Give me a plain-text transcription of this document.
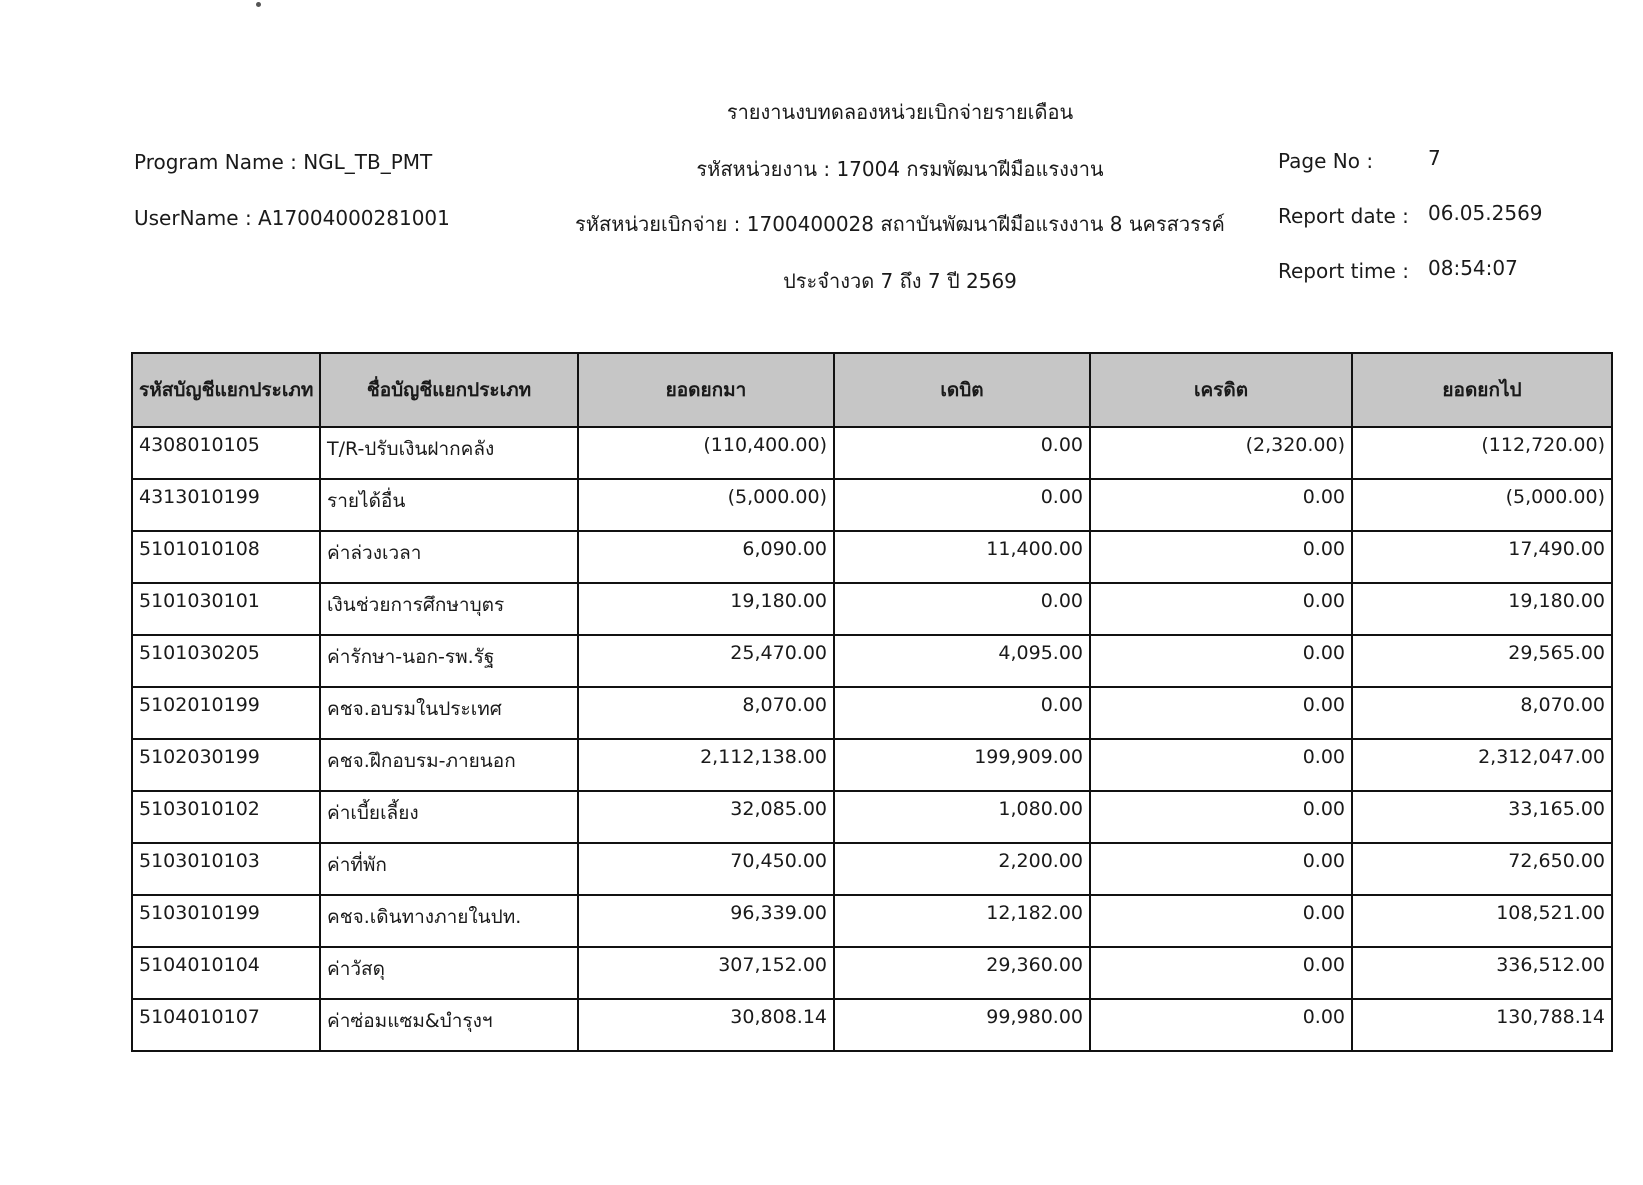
รายงานงบทดลองหน่วยเบิกจ่ายรายเดือน
รหัสหน่วยงาน : 17004 กรมพัฒนาฝีมือแรงงาน
รหัสหน่วยเบิกจ่าย : 1700400028 สถาบันพัฒนาฝีมือแรงงาน 8 นครสวรรค์
ประจำงวด 7 ถึง 7 ปี 2569
Program Name : NGL_TB_PMT
UserName : A17004000281001
Page No :	7
Report date : 06.05.2569
Report time : 08:54:07
รหัสบัญชีแยกประเภท	ชื่อบัญชีแยกประเภท	ยอดยกมา	เดบิต	เครดิต	ยอดยกไป
4308010105	T/R-ปรับเงินฝากคลัง	(110,400.00)	0.00	(2,320.00)	(112,720.00)
4313010199	รายได้อื่น	(5,000.00)	0.00	0.00	(5,000.00)
5101010108	ค่าล่วงเวลา	6,090.00	11,400.00	0.00	17,490.00
5101030101	เงินช่วยการศึกษาบุตร	19,180.00	0.00	0.00	19,180.00
5101030205	ค่ารักษา-นอก-รพ.รัฐ	25,470.00	4,095.00	0.00	29,565.00
5102010199	คชจ.อบรมในประเทศ	8,070.00	0.00	0.00	8,070.00
5102030199	คชจ.ฝึกอบรม-ภายนอก	2,112,138.00	199,909.00	0.00	2,312,047.00
5103010102	ค่าเบี้ยเลี้ยง	32,085.00	1,080.00	0.00	33,165.00
5103010103	ค่าที่พัก	70,450.00	2,200.00	0.00	72,650.00
5103010199	คชจ.เดินทางภายในปท.	96,339.00	12,182.00	0.00	108,521.00
5104010104	ค่าวัสดุ	307,152.00	29,360.00	0.00	336,512.00
5104010107	ค่าซ่อมแซม&บำรุงฯ	30,808.14	99,980.00	0.00	130,788.14
